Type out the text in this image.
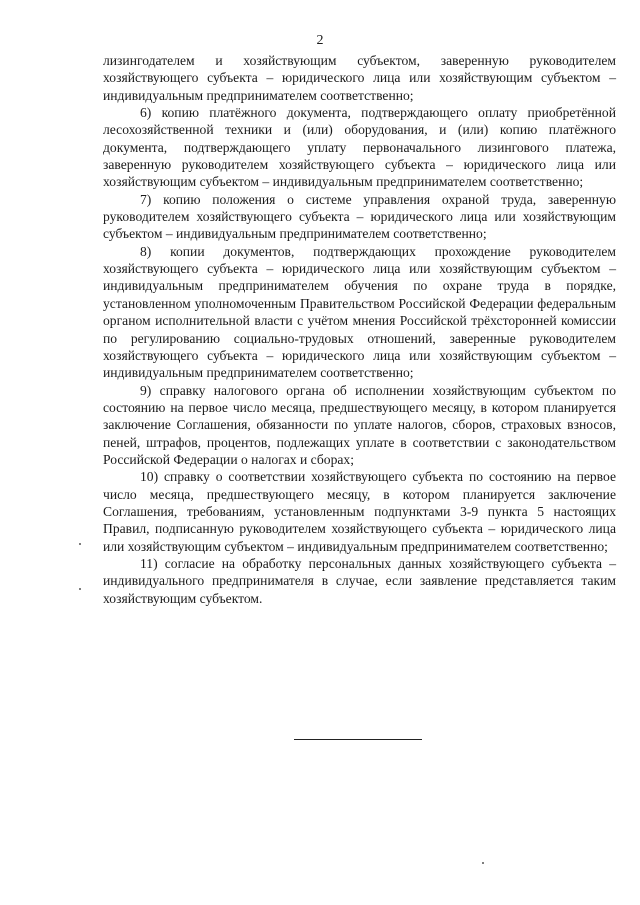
2

лизингодателем и хозяйствующим субъектом, заверенную руководителем хозяйствующего субъекта – юридического лица или хозяйствующим субъектом – индивидуальным предпринимателем соответственно;

6) копию платёжного документа, подтверждающего оплату приобретённой лесохозяйственной техники и (или) оборудования, и (или) копию платёжного документа, подтверждающего уплату первоначального лизингового платежа, заверенную руководителем хозяйствующего субъекта – юридического лица или хозяйствующим субъектом – индивидуальным предпринимателем соответственно;

7) копию положения о системе управления охраной труда, заверенную руководителем хозяйствующего субъекта – юридического лица или хозяйствующим субъектом – индивидуальным предпринимателем соответственно;

8) копии документов, подтверждающих прохождение руководителем хозяйствующего субъекта – юридического лица или хозяйствующим субъектом – индивидуальным предпринимателем обучения по охране труда в порядке, установленном уполномоченным Правительством Российской Федерации федеральным органом исполнительной власти с учётом мнения Российской трёхсторонней комиссии по регулированию социально-трудовых отношений, заверенные руководителем хозяйствующего субъекта – юридического лица или хозяйствующим субъектом – индивидуальным предпринимателем соответственно;

9) справку налогового органа об исполнении хозяйствующим субъектом по состоянию на первое число месяца, предшествующего месяцу, в котором планируется заключение Соглашения, обязанности по уплате налогов, сборов, страховых взносов, пеней, штрафов, процентов, подлежащих уплате в соответствии с законодательством Российской Федерации о налогах и сборах;

10) справку о соответствии хозяйствующего субъекта по состоянию на первое число месяца, предшествующего месяцу, в котором планируется заключение Соглашения, требованиям, установленным подпунктами 3-9 пункта 5 настоящих Правил, подписанную руководителем хозяйствующего субъекта – юридического лица или хозяйствующим субъектом – индивидуальным предпринимателем соответственно;

11) согласие на обработку персональных данных хозяйствующего субъекта – индивидуального предпринимателя в случае, если заявление представляется таким хозяйствующим субъектом.
